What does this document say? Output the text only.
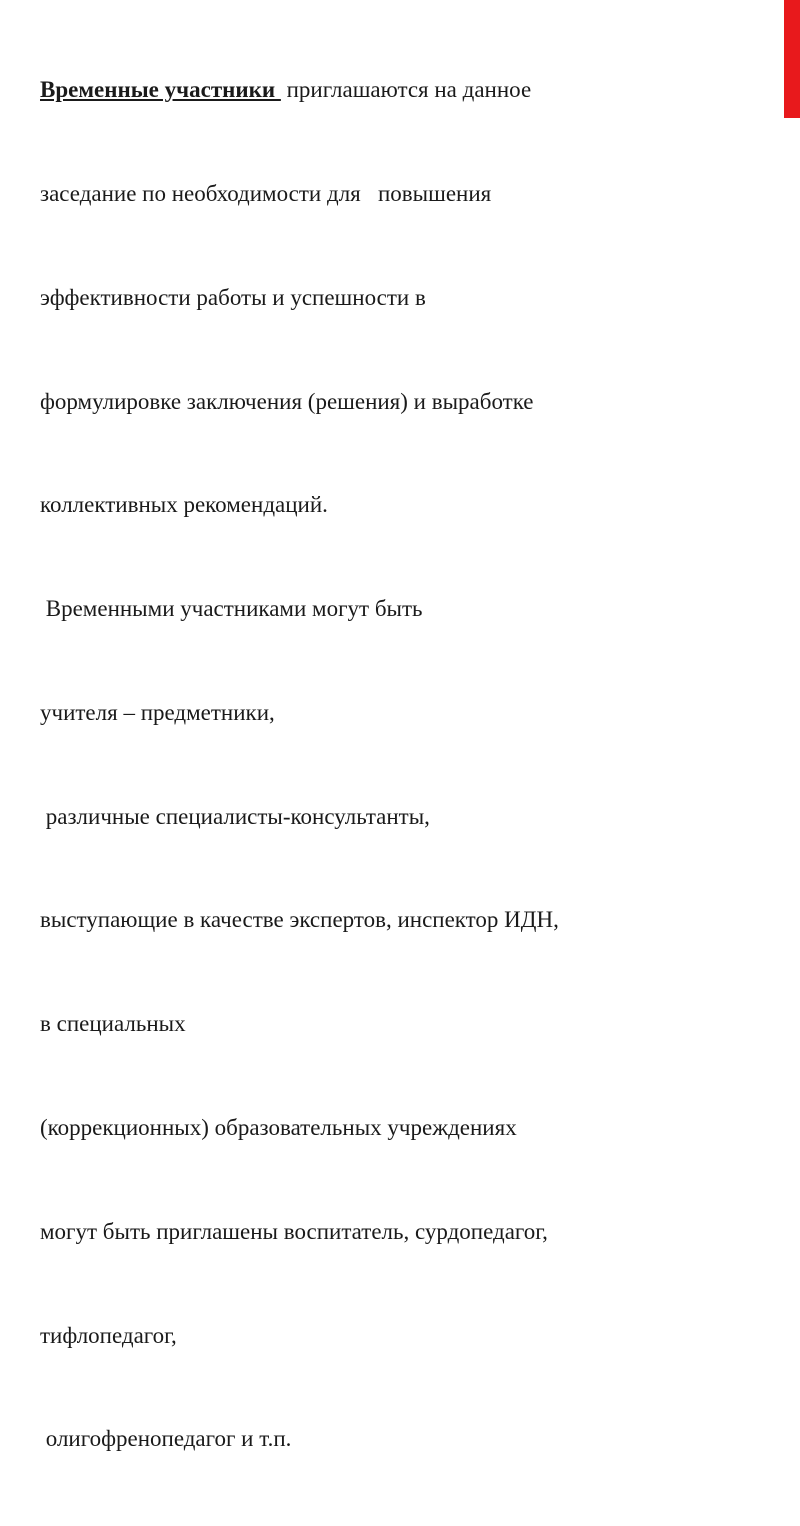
Временные участники  приглашаются на данное

заседание по необходимости для   повышения

эффективности работы и успешности в

формулировке заключения (решения) и выработке

коллективных рекомендаций.

Временными участниками могут быть

учителя – предметники,

различные специалисты-консультанты,

выступающие в качестве экспертов, инспектор ИДН,

в специальных

(коррекционных) образовательных учреждениях

могут быть приглашены воспитатель, сурдопедагог,

тифлопедагог,

олигофренопедагог и т.п.
